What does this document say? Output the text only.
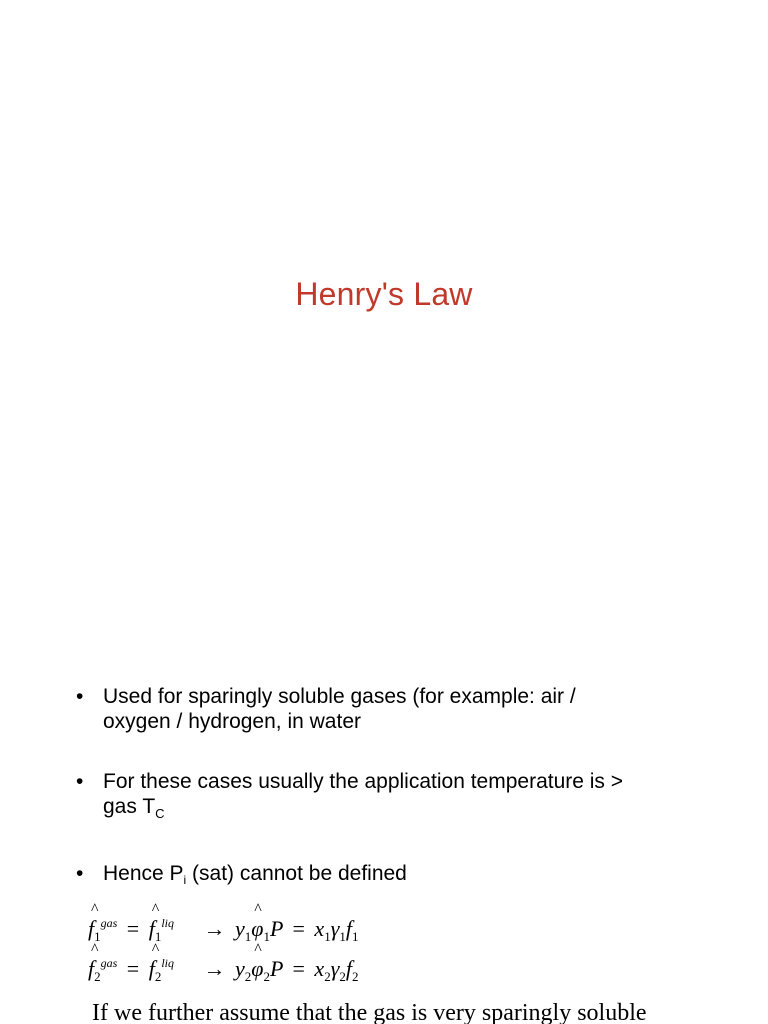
Henry's Law
• Used for sparingly soluble gases (for example: air /
oxygen / hydrogen, in water
• For these cases usually the application temperature is >
gas $T_C$
• Hence Pi (sat) cannot be defined
^ $f_1^{gas}$ = ^ $f_1^{liq}$ → $y_1\^{}$ $\varphi_1P = x_1\gamma_1f_1$
^ $f_2^{gas}$ = ^ $f_2^{liq}$ → $y_2\^{}$ $\varphi_2P = x_2\gamma_2f_2$
If we further assume that the gas is very sparingly soluble
